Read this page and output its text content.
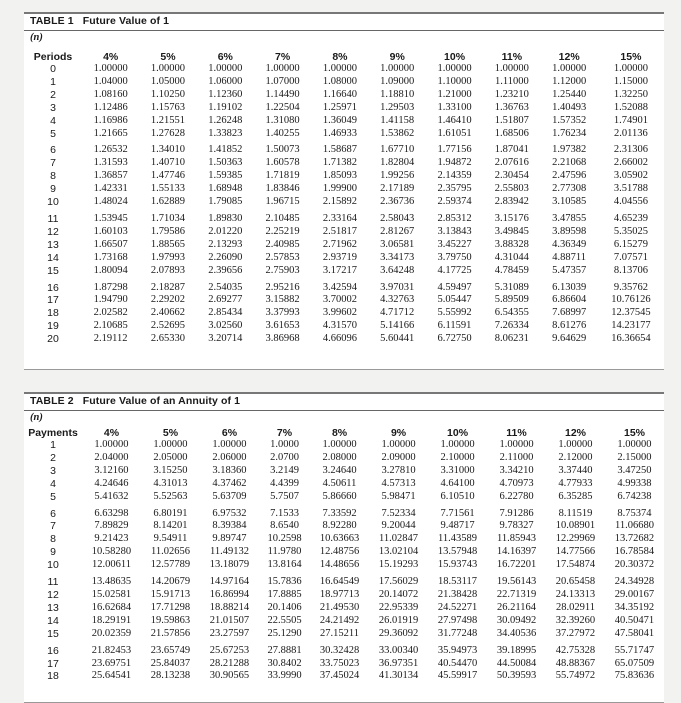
TABLE 1 Future Value of 1
(n)
Periods	4%	5%	6%	7%	8%	9%	10%	11%	12%	15%
0	1.00000	1.00000	1.00000	1.00000	1.00000	1.00000	1.00000	1.00000	1.00000	1.00000
1	1.04000	1.05000	1.06000	1.07000	1.08000	1.09000	1.10000	1.11000	1.12000	1.15000
2	1.08160	1.10250	1.12360	1.14490	1.16640	1.18810	1.21000	1.23210	1.25440	1.32250
3	1.12486	1.15763	1.19102	1.22504	1.25971	1.29503	1.33100	1.36763	1.40493	1.52088
4	1.16986	1.21551	1.26248	1.31080	1.36049	1.41158	1.46410	1.51807	1.57352	1.74901
5	1.21665	1.27628	1.33823	1.40255	1.46933	1.53862	1.61051	1.68506	1.76234	2.01136
6	1.26532	1.34010	1.41852	1.50073	1.58687	1.67710	1.77156	1.87041	1.97382	2.31306
7	1.31593	1.40710	1.50363	1.60578	1.71382	1.82804	1.94872	2.07616	2.21068	2.66002
8	1.36857	1.47746	1.59385	1.71819	1.85093	1.99256	2.14359	2.30454	2.47596	3.05902
9	1.42331	1.55133	1.68948	1.83846	1.99900	2.17189	2.35795	2.55803	2.77308	3.51788
10	1.48024	1.62889	1.79085	1.96715	2.15892	2.36736	2.59374	2.83942	3.10585	4.04556
11	1.53945	1.71034	1.89830	2.10485	2.33164	2.58043	2.85312	3.15176	3.47855	4.65239
12	1.60103	1.79586	2.01220	2.25219	2.51817	2.81267	3.13843	3.49845	3.89598	5.35025
13	1.66507	1.88565	2.13293	2.40985	2.71962	3.06581	3.45227	3.88328	4.36349	6.15279
14	1.73168	1.97993	2.26090	2.57853	2.93719	3.34173	3.79750	4.31044	4.88711	7.07571
15	1.80094	2.07893	2.39656	2.75903	3.17217	3.64248	4.17725	4.78459	5.47357	8.13706
16	1.87298	2.18287	2.54035	2.95216	3.42594	3.97031	4.59497	5.31089	6.13039	9.35762
17	1.94790	2.29202	2.69277	3.15882	3.70002	4.32763	5.05447	5.89509	6.86604	10.76126
18	2.02582	2.40662	2.85434	3.37993	3.99602	4.71712	5.55992	6.54355	7.68997	12.37545
19	2.10685	2.52695	3.02560	3.61653	4.31570	5.14166	6.11591	7.26334	8.61276	14.23177
20	2.19112	2.65330	3.20714	3.86968	4.66096	5.60441	6.72750	8.06231	9.64629	16.36654
TABLE 2 Future Value of an Annuity of 1
(n)
Payments	4%	5%	6%	7%	8%	9%	10%	11%	12%	15%
1	1.00000	1.00000	1.00000	1.0000	1.00000	1.00000	1.00000	1.00000	1.00000	1.00000
2	2.04000	2.05000	2.06000	2.0700	2.08000	2.09000	2.10000	2.11000	2.12000	2.15000
3	3.12160	3.15250	3.18360	3.2149	3.24640	3.27810	3.31000	3.34210	3.37440	3.47250
4	4.24646	4.31013	4.37462	4.4399	4.50611	4.57313	4.64100	4.70973	4.77933	4.99338
5	5.41632	5.52563	5.63709	5.7507	5.86660	5.98471	6.10510	6.22780	6.35285	6.74238
6	6.63298	6.80191	6.97532	7.1533	7.33592	7.52334	7.71561	7.91286	8.11519	8.75374
7	7.89829	8.14201	8.39384	8.6540	8.92280	9.20044	9.48717	9.78327	10.08901	11.06680
8	9.21423	9.54911	9.89747	10.2598	10.63663	11.02847	11.43589	11.85943	12.29969	13.72682
9	10.58280	11.02656	11.49132	11.9780	12.48756	13.02104	13.57948	14.16397	14.77566	16.78584
10	12.00611	12.57789	13.18079	13.8164	14.48656	15.19293	15.93743	16.72201	17.54874	20.30372
11	13.48635	14.20679	14.97164	15.7836	16.64549	17.56029	18.53117	19.56143	20.65458	24.34928
12	15.02581	15.91713	16.86994	17.8885	18.97713	20.14072	21.38428	22.71319	24.13313	29.00167
13	16.62684	17.71298	18.88214	20.1406	21.49530	22.95339	24.52271	26.21164	28.02911	34.35192
14	18.29191	19.59863	21.01507	22.5505	24.21492	26.01919	27.97498	30.09492	32.39260	40.50471
15	20.02359	21.57856	23.27597	25.1290	27.15211	29.36092	31.77248	34.40536	37.27972	47.58041
16	21.82453	23.65749	25.67253	27.8881	30.32428	33.00340	35.94973	39.18995	42.75328	55.71747
17	23.69751	25.84037	28.21288	30.8402	33.75023	36.97351	40.54470	44.50084	48.88367	65.07509
18	25.64541	28.13238	30.90565	33.9990	37.45024	41.30134	45.59917	50.39593	55.74972	75.83636
